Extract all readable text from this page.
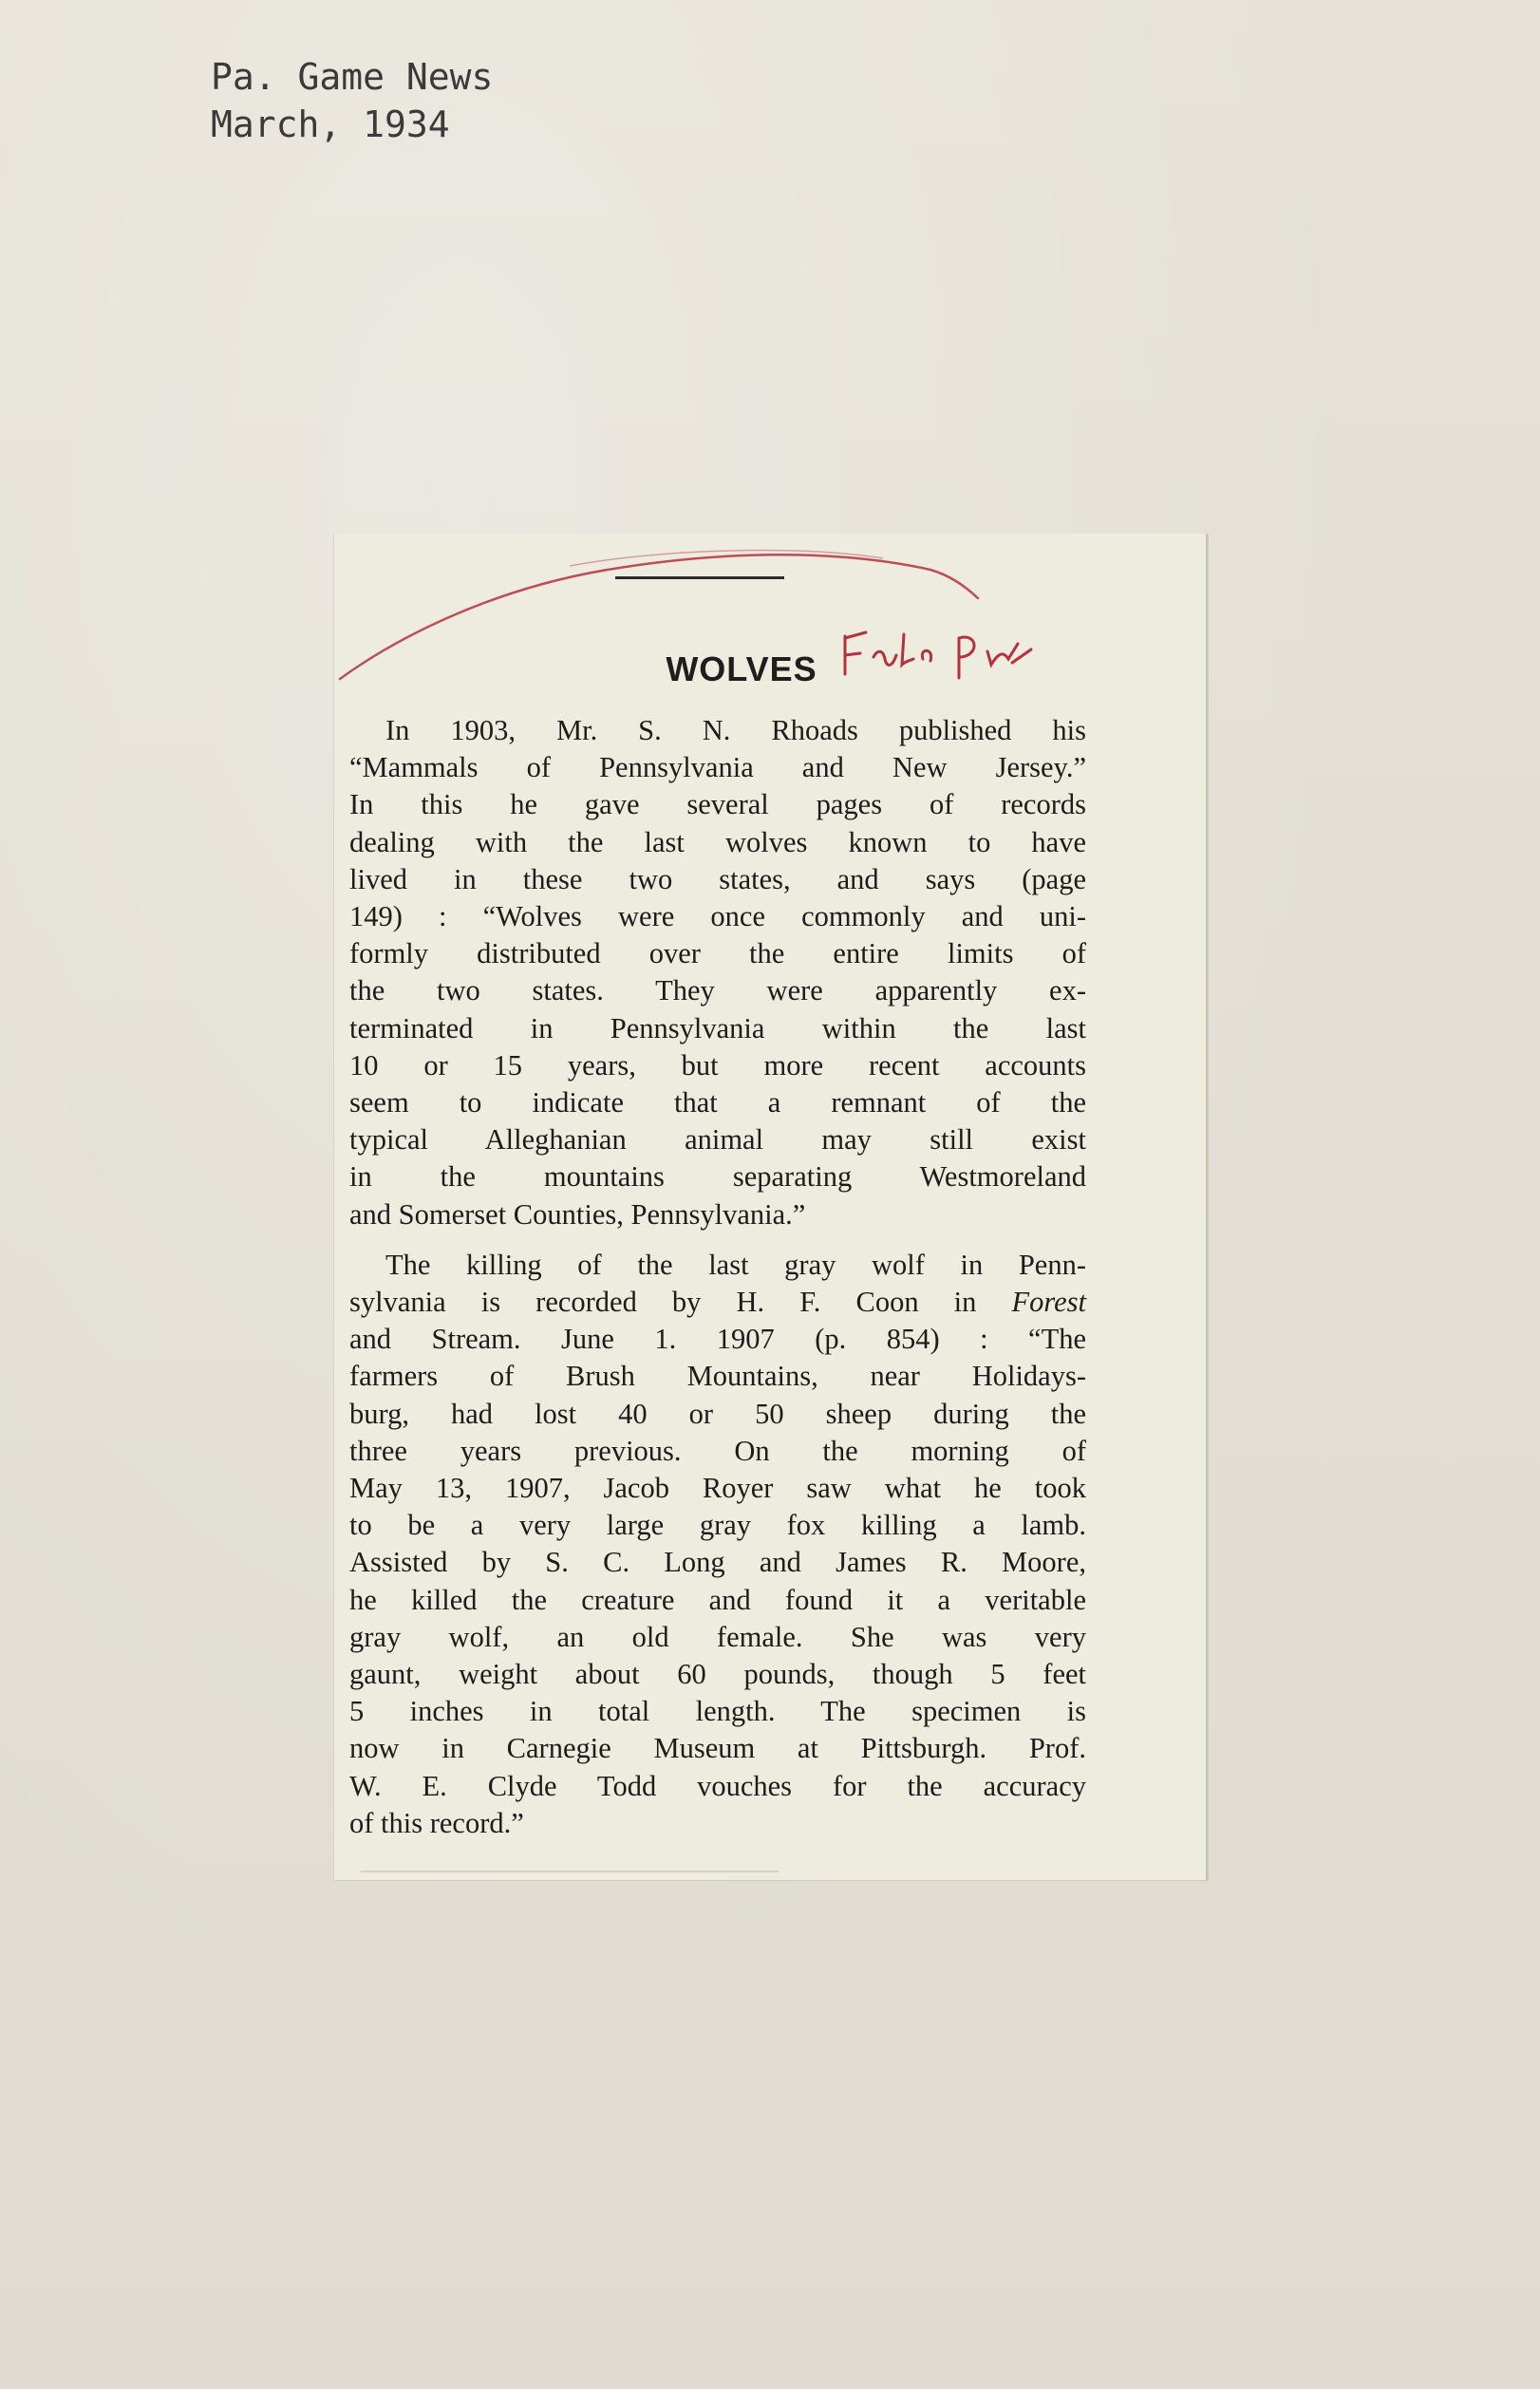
Pa. Game News
March, 1934
WOLVES
In 1903, Mr. S. N. Rhoads published his
“Mammals of Pennsylvania and New Jersey.”
In this he gave several pages of records
dealing with the last wolves known to have
lived in these two states, and says (page
149) : “Wolves were once commonly and uni-
formly distributed over the entire limits of
the two states. They were apparently ex-
terminated in Pennsylvania within the last
10 or 15 years, but more recent accounts
seem to indicate that a remnant of the
typical Alleghanian animal may still exist
in the mountains separating Westmoreland
and Somerset Counties, Pennsylvania.”
The killing of the last gray wolf in Penn-
sylvania is recorded by H. F. Coon in Forest
and Stream. June 1. 1907 (p. 854) : “The
farmers of Brush Mountains, near Holidays-
burg, had lost 40 or 50 sheep during the
three years previous. On the morning of
May 13, 1907, Jacob Royer saw what he took
to be a very large gray fox killing a lamb.
Assisted by S. C. Long and James R. Moore,
he killed the creature and found it a veritable
gray wolf, an old female. She was very
gaunt, weight about 60 pounds, though 5 feet
5 inches in total length. The specimen is
now in Carnegie Museum at Pittsburgh. Prof.
W. E. Clyde Todd vouches for the accuracy
of this record.”
